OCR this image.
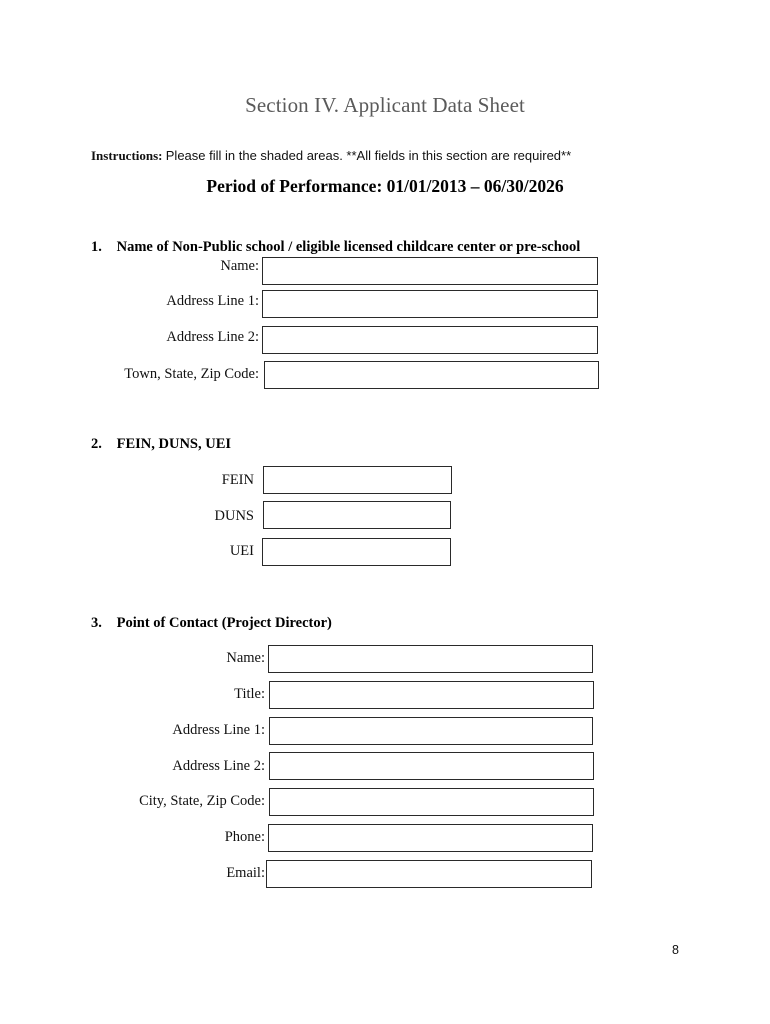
Section IV. Applicant Data Sheet
Instructions: Please fill in the shaded areas. **All fields in this section are required**
Period of Performance: 01/01/2013 – 06/30/2026
1. Name of Non-Public school / eligible licensed childcare center or pre-school
Name:
Address Line 1:
Address Line 2:
Town, State, Zip Code:
2. FEIN, DUNS, UEI
FEIN
DUNS
UEI
3. Point of Contact (Project Director)
Name:
Title:
Address Line 1:
Address Line 2:
City, State, Zip Code:
Phone:
Email:
8
